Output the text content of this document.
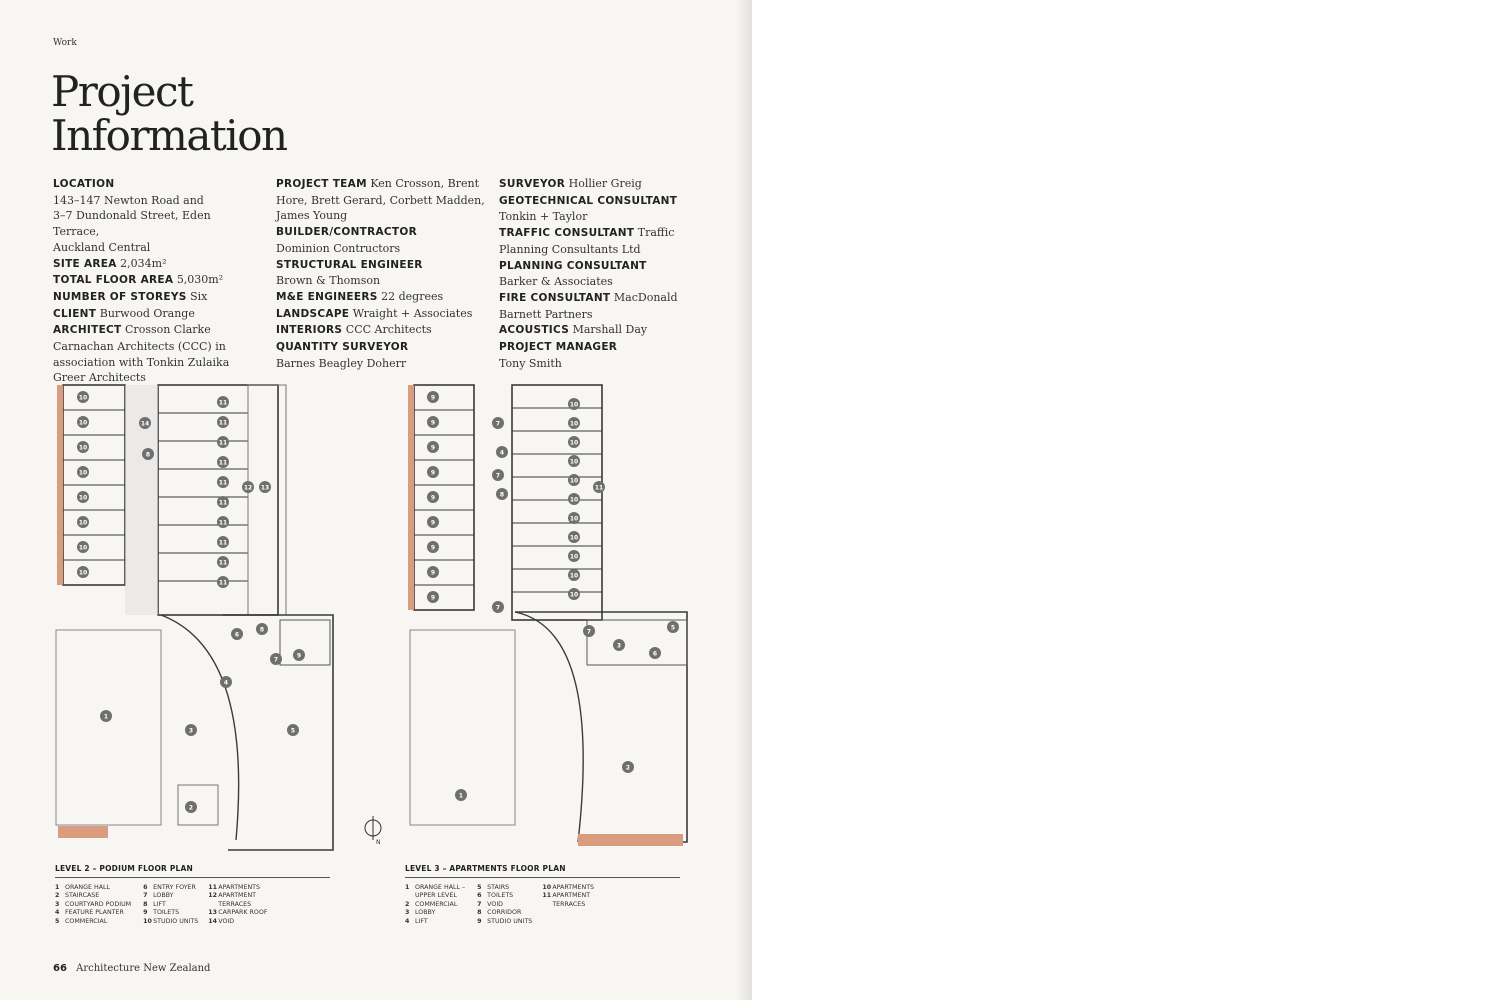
Work
Project
Information

LOCATION
143–147 Newton Road and
3–7 Dundonald Street, Eden Terrace,
Auckland Central

SITE AREA 2,034m²

TOTAL FLOOR AREA 5,030m²

NUMBER OF STOREYS Six

CLIENT Burwood Orange

ARCHITECT Crosson Clarke Carnachan Architects (CCC) in association with Tonkin Zulaika Greer Architects

PROJECT TEAM Ken Crosson, Brent Hore, Brett Gerard, Corbett Madden, James Young

BUILDER/CONTRACTOR
Dominion Contructors

STRUCTURAL ENGINEER
Brown & Thomson

M&E ENGINEERS 22 degrees

LANDSCAPE Wraight + Associates

INTERIORS CCC Architects

QUANTITY SURVEYOR
Barnes Beagley Doherr

SURVEYOR Hollier Greig

GEOTECHNICAL CONSULTANT
Tonkin + Taylor

TRAFFIC CONSULTANT Traffic Planning Consultants Ltd

PLANNING CONSULTANT
Barker & Associates

FIRE CONSULTANT MacDonald Barnett Partners

ACOUSTICS Marshall Day

PROJECT MANAGER
Tony Smith

10
10
10
10
10
10
10
10
11
11
11
11
11
11
11
11
11
11
12 13
14
8
1
2
3
4
5
6
7
8
9
N
LEVEL 2 – PODIUM FLOOR PLAN
1 ORANGE HALL
2 STAIRCASE
3 COURTYARD PODIUM
4 FEATURE PLANTER
5 COMMERCIAL
6 ENTRY FOYER
7 LOBBY
8 LIFT
9 TOILETS
10 STUDIO UNITS
11 APARTMENTS
12 APARTMENT
TERRACES
13 CARPARK ROOF
14 VOID
9
9
9
9
9
9
9
9
9
10
10
10
10
10
10
10
10
10
10
10
11
7
7
7
7
4
8
1
2
3
5
6
LEVEL 3 – APARTMENTS FLOOR PLAN
1 ORANGE HALL –
UPPER LEVEL
2 COMMERCIAL
3 LOBBY
4 LIFT
5 STAIRS
6 TOILETS
7 VOID
8 CORRIDOR
9 STUDIO UNITS
10 APARTMENTS
11 APARTMENT
TERRACES
66 Architecture New Zealand
